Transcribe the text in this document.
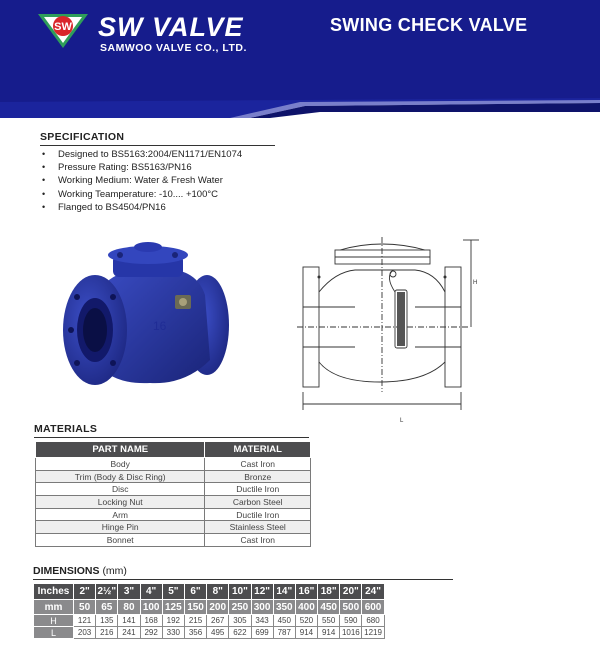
SW SW VALVE
SAMWOO VALVE CO., LTD.
SWING CHECK VALVE
SPECIFICATION
• Designed to BS5163:2004/EN1171/EN1074
• Pressure Rating: BS5163/PN16
• Working Medium: Water & Fresh Water
• Working Teamperature: -10.... +100°C
• Flanged to BS4504/PN16
16
H
L
MATERIALS
PART NAME	MATERIAL
Body	Cast Iron
Trim (Body & Disc Ring)	Bronze
Disc	Ductile Iron
Locking Nut	Carbon Steel
Arm	Ductile Iron
Hinge Pin	Stainless Steel
Bonnet	Cast Iron
DIMENSIONS (mm)
Inches	2"	2½"	3"	4"	5"	6"	8"	10"	12"	14"	16"	18"	20"	24"
mm	50	65	80	100	125	150	200	250	300	350	400	450	500	600
H	121	135	141	168	192	215	267	305	343	450	520	550	590	680
L	203	216	241	292	330	356	495	622	699	787	914	914	1016	1219
